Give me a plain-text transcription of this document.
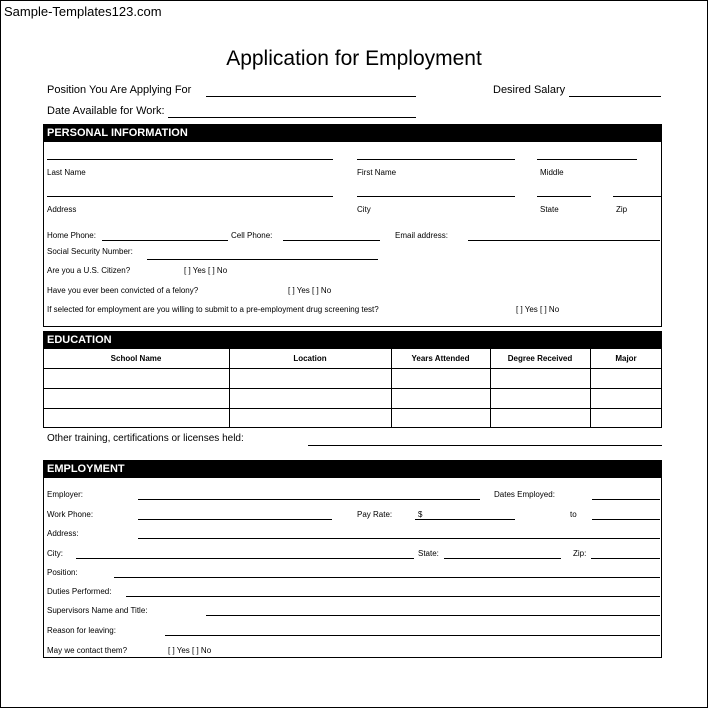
Sample-Templates123.com
Application for Employment
Position You Are Applying For	Desired Salary
Date Available for Work:
PERSONAL INFORMATION
Last Name	First Name	Middle
Address	City	State	Zip
Home Phone:	Cell Phone:	Email address:
Social Security Number:
Are you a U.S. Citizen?	[ ] Yes [ ] No
Have you ever been convicted of a felony?	[ ] Yes [ ] No
If selected for employment are you willing to submit to a pre-employment drug screening test?	[ ] Yes [ ] No
EDUCATION
School Name	Location	Years Attended	Degree Received	Major
Other training, certifications or licenses held:
EMPLOYMENT
Employer:	Dates Employed:
Work Phone:	Pay Rate:	$	to
Address:
City:	State:	Zip:
Position:
Duties Performed:
Supervisors Name and Title:
Reason for leaving:
May we contact them?	[ ] Yes [ ] No
